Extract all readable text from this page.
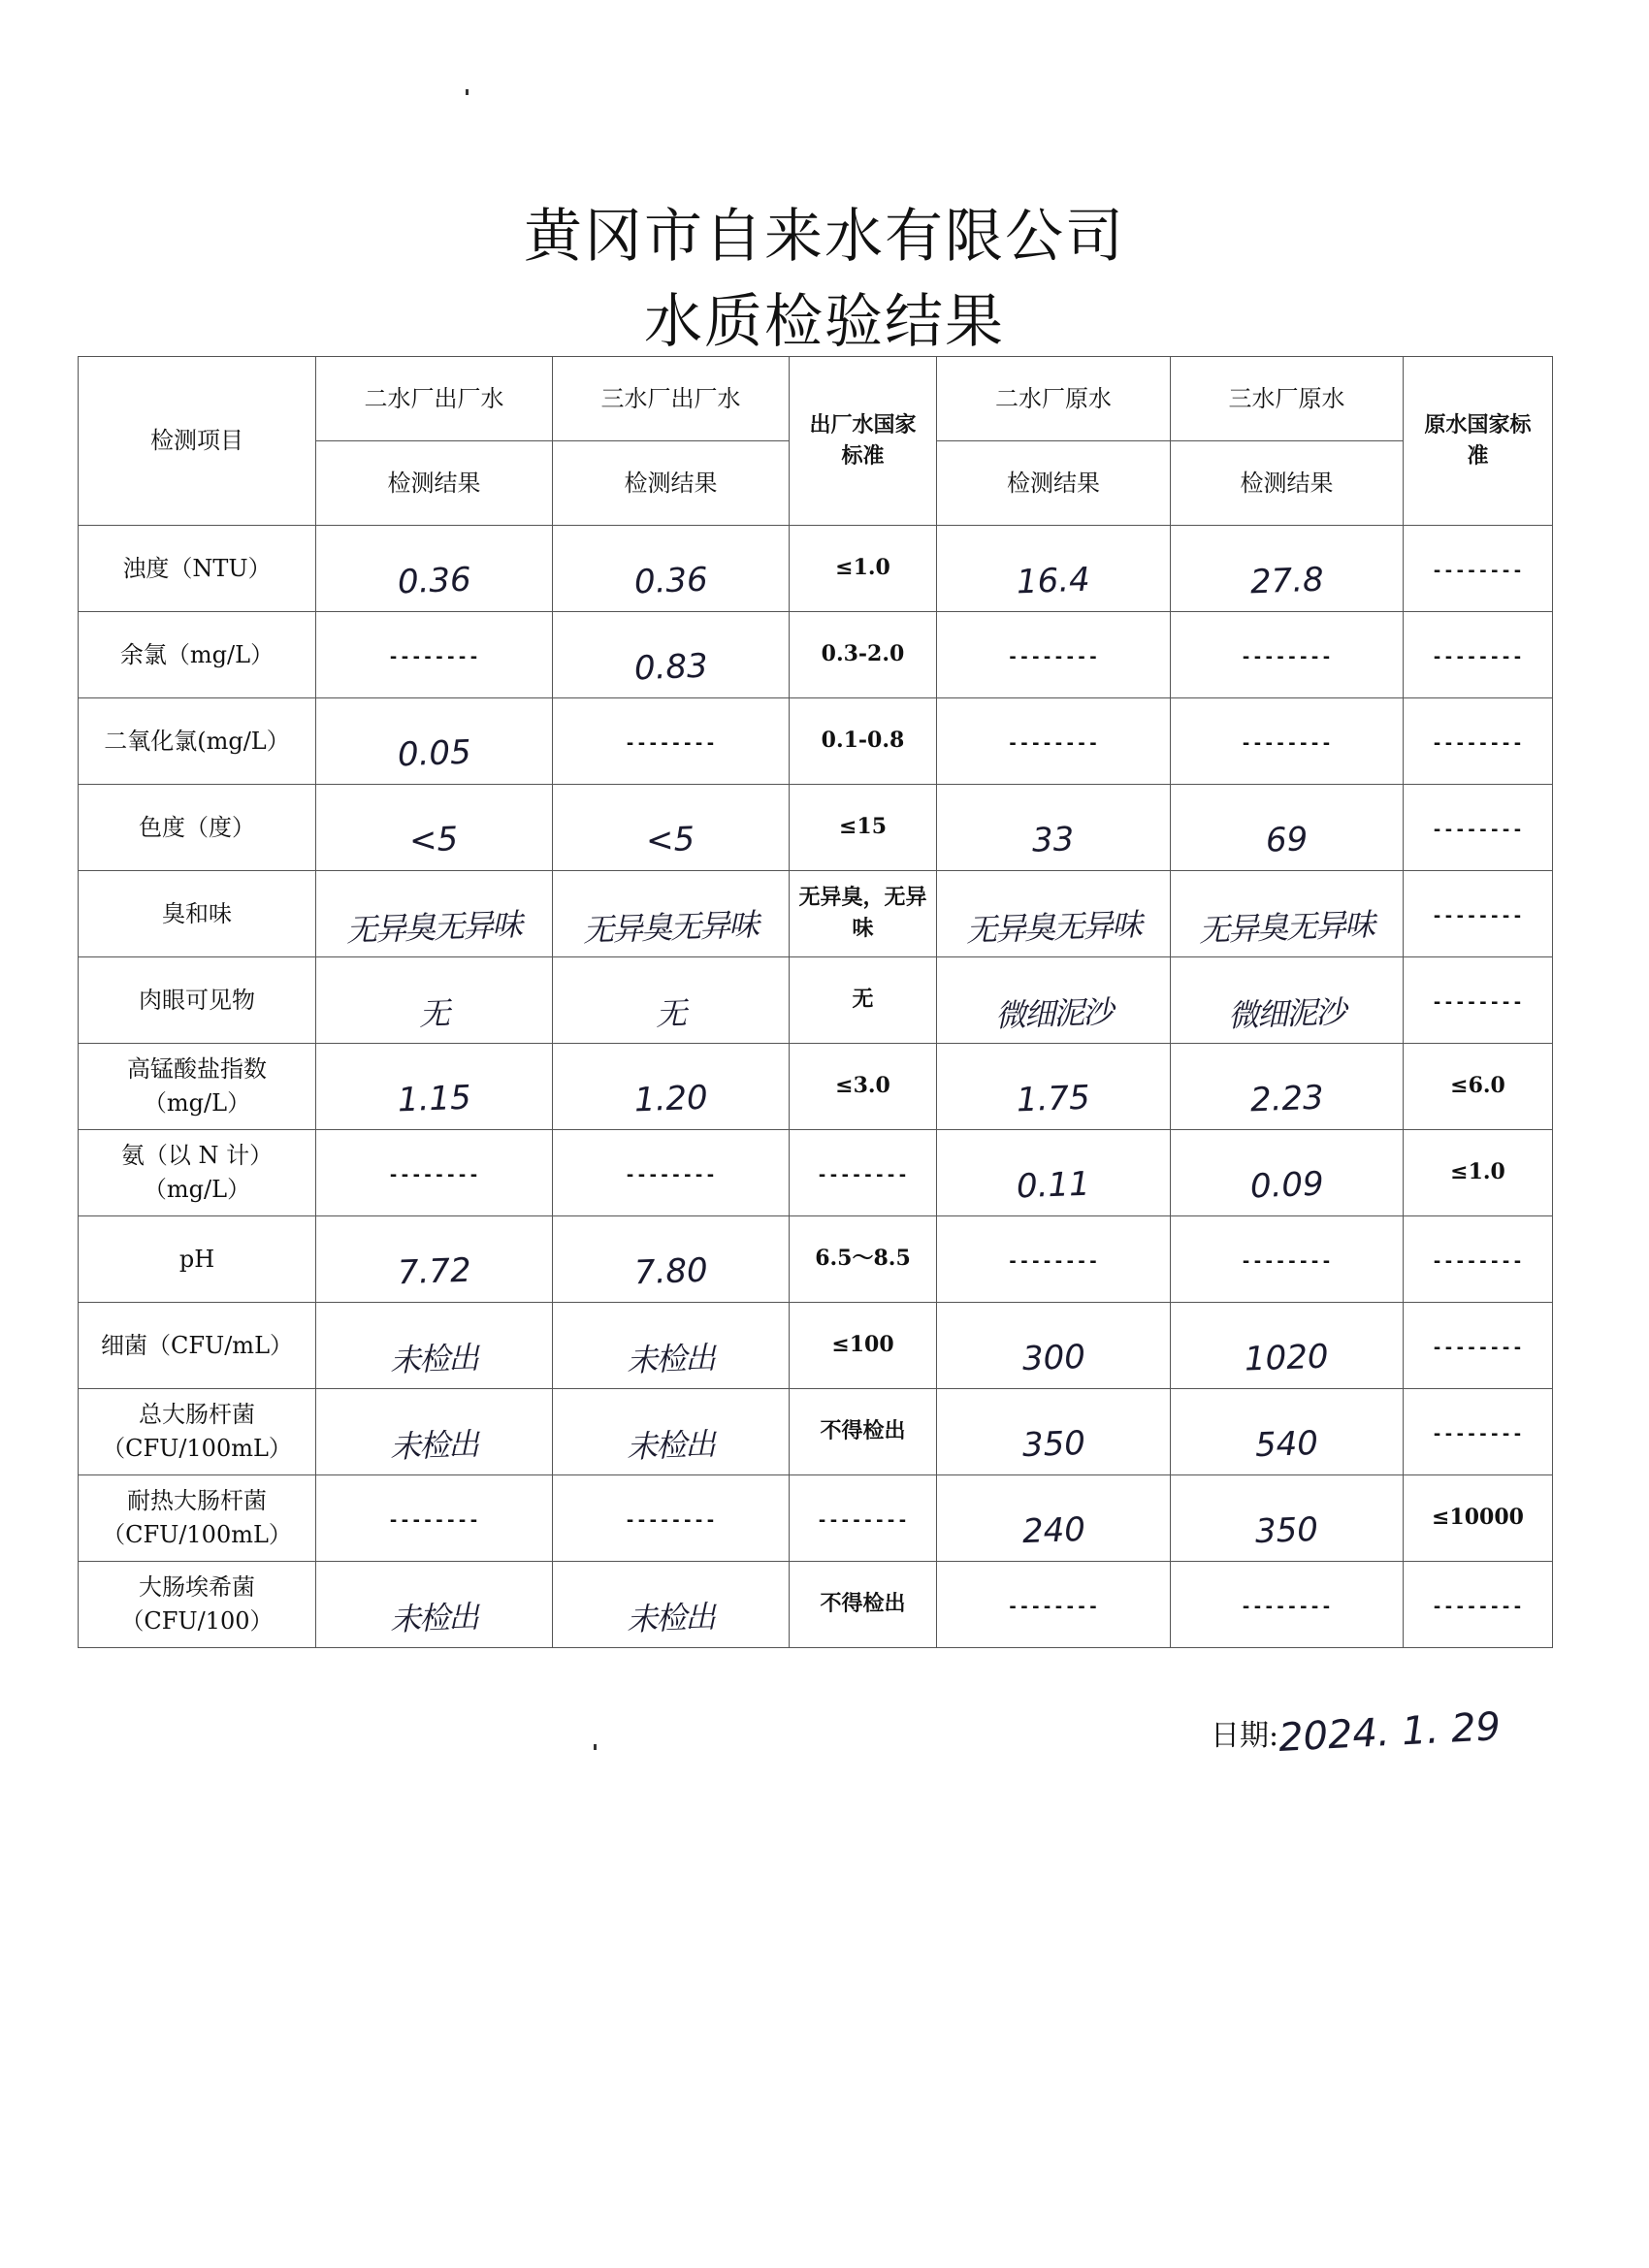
黄冈市自来水有限公司
水质检验结果
检测项目	二水厂出厂水	三水厂出厂水	出厂水国家标准	二水厂原水	三水厂原水	原水国家标准
	检测结果	检测结果		检测结果	检测结果	
浊度（NTU）	0.36	0.36	≤1.0	16.4	27.8	--------
余氯（mg/L）	--------	0.83	0.3-2.0	--------	--------	--------
二氧化氯(mg/L）	0.05	--------	0.1-0.8	--------	--------	--------
色度（度）	<5	<5	≤15	33	69	--------
臭和味	无异臭无异味	无异臭无异味	无异臭，无异味	无异臭无异味	无异臭无异味	--------
肉眼可见物	无	无	无	微细泥沙	微细泥沙	--------
高锰酸盐指数（mg/L）	1.15	1.20	≤3.0	1.75	2.23	≤6.0
氨（以 N 计）（mg/L）	--------	--------	--------	0.11	0.09	≤1.0
pH	7.72	7.80	6.5～8.5	--------	--------	--------
细菌（CFU/mL）	未检出	未检出	≤100	300	1020	--------
总大肠杆菌（CFU/100mL）	未检出	未检出	不得检出	350	540	--------
耐热大肠杆菌（CFU/100mL）	--------	--------	--------	240	350	≤10000
大肠埃希菌（CFU/100）	未检出	未检出	不得检出	--------	--------	--------
日期:2024. 1. 29
